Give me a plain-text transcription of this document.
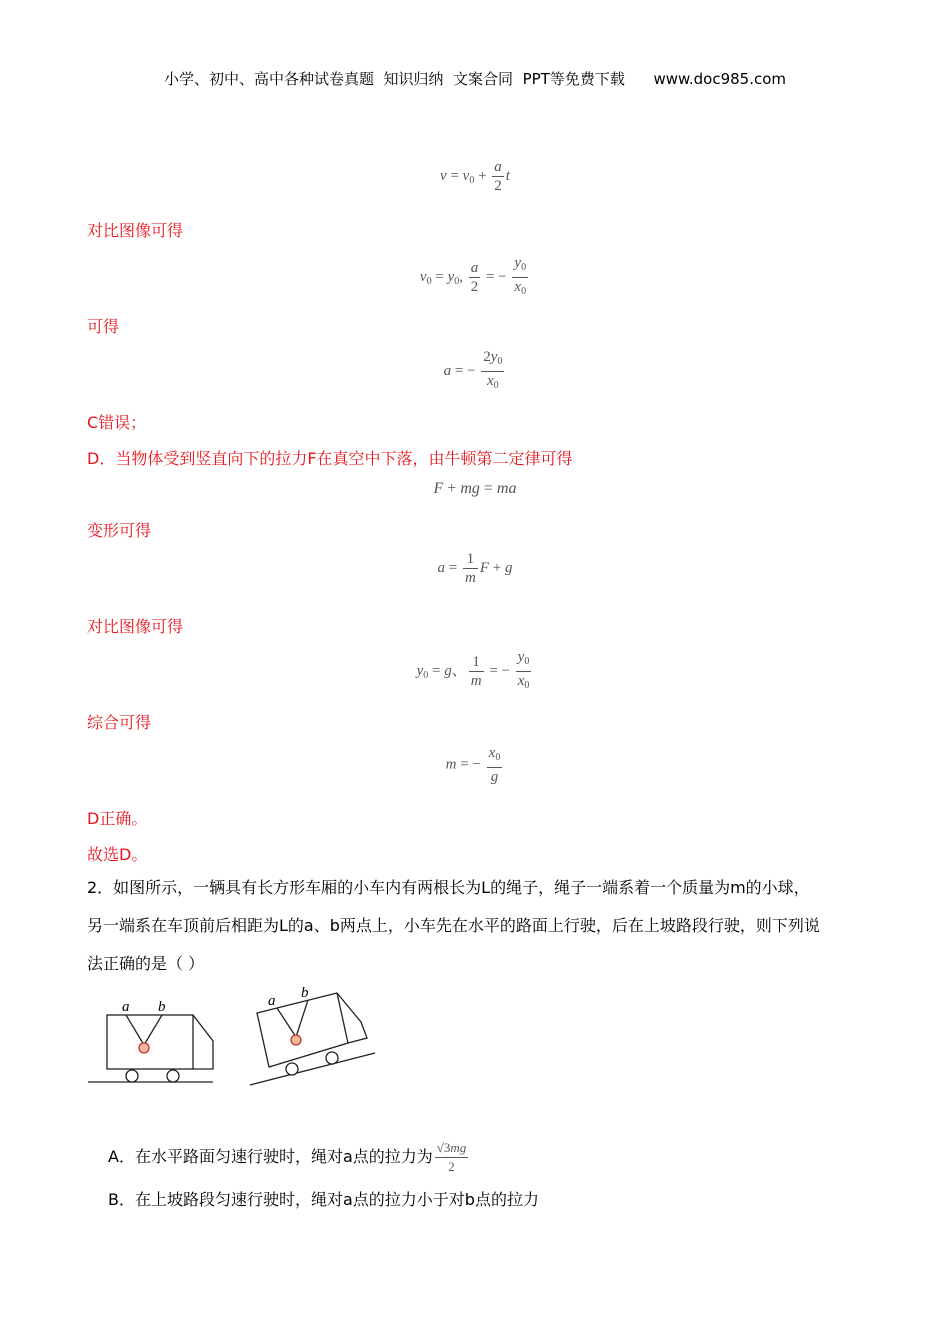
小学、初中、高中各种试卷真题  知识归纳  文案合同  PPT等免费下载      www.doc985.com
$v = v_0 + \frac{a}{2}$ t
对比图像可得
$v_0 = y_0$, $\frac{a}{2}$ = − $\frac{y_0}{x_0}$
可得
a = − $\frac{2y_0}{x_0}$
C错误；
D．当物体受到竖直向下的拉力F在真空中下落，由牛顿第二定律可得
F + mg = ma
变形可得
$a = \frac{1}{m}$ F + g
对比图像可得
$y_0 = g$、 $\frac{1}{m}$ = − $\frac{y_0}{x_0}$
综合可得
m = − $\frac{x_0}{g}$
D正确。
故选D。
2．如图所示，一辆具有长方形车厢的小车内有两根长为L的绳子，绳子一端系着一个质量为m的小球，
另一端系在车顶前后相距为L的a、b两点上，小车先在水平的路面上行驶，后在上坡路段行驶，则下列说
法正确的是（ ）
a b	a b
A．在水平路面匀速行驶时，绳对a点的拉力为 $\frac{√3mg}{2}$
B．在上坡路段匀速行驶时，绳对a点的拉力小于对b点的拉力
